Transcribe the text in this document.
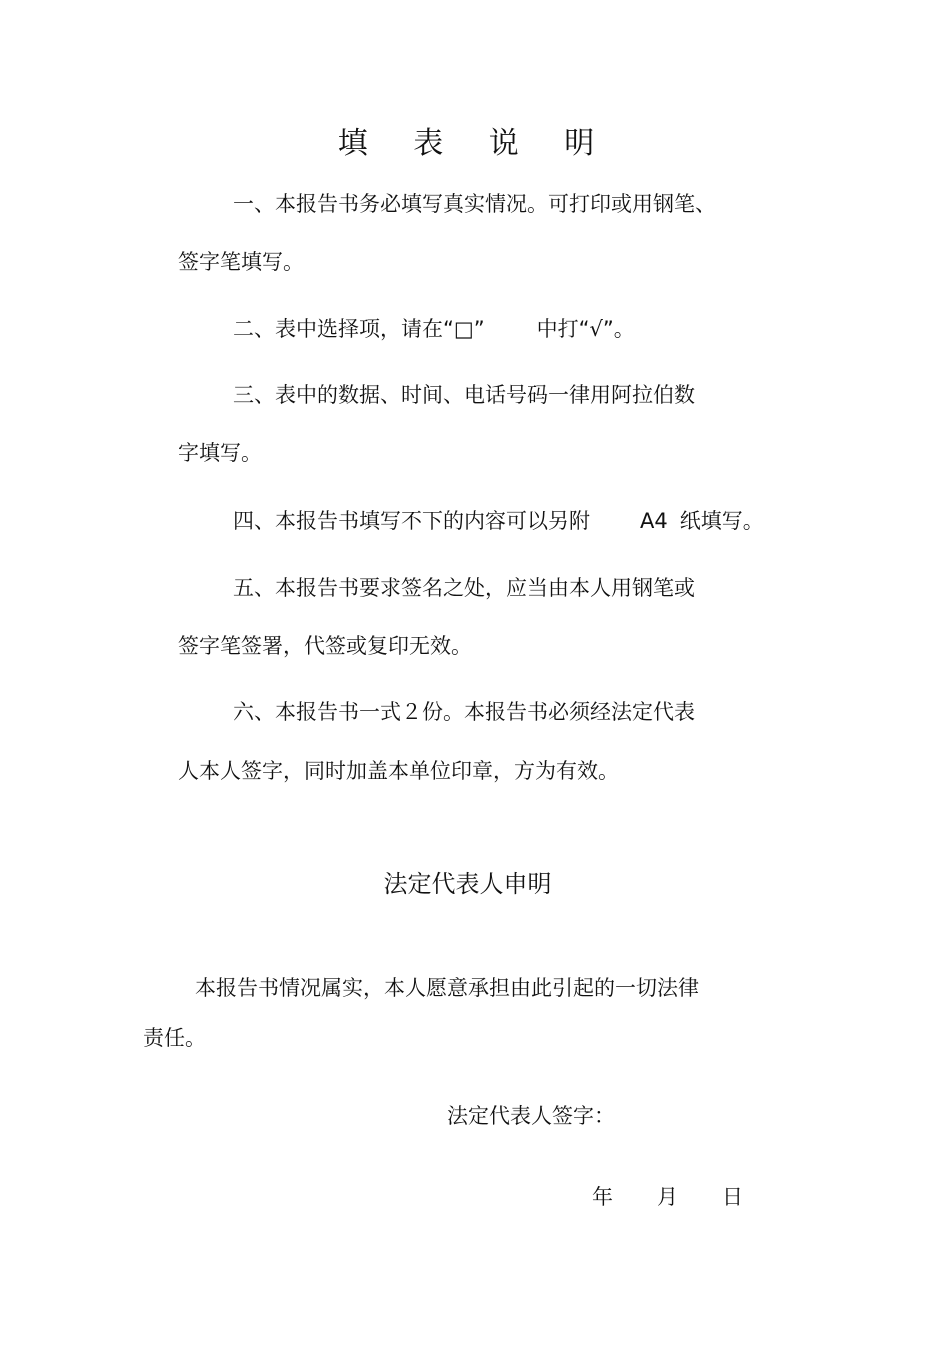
填 表 说 明
一、本报告书务必填写真实情况。可打印或用钢笔、
签字笔填写。
二、表中选择项，请在“□” 中打“√”。
三、表中的数据、时间、电话号码一律用阿拉伯数
字填写。
四、本报告书填写不下的内容可以另附 A4 纸填写。
五、本报告书要求签名之处，应当由本人用钢笔或
签字笔签署，代签或复印无效。
六、本报告书一式２份。本报告书必须经法定代表
人本人签字，同时加盖本单位印章，方为有效。
法定代表人申明
本报告书情况属实，本人愿意承担由此引起的一切法律
责任。
法定代表人签字：
年 月 日
